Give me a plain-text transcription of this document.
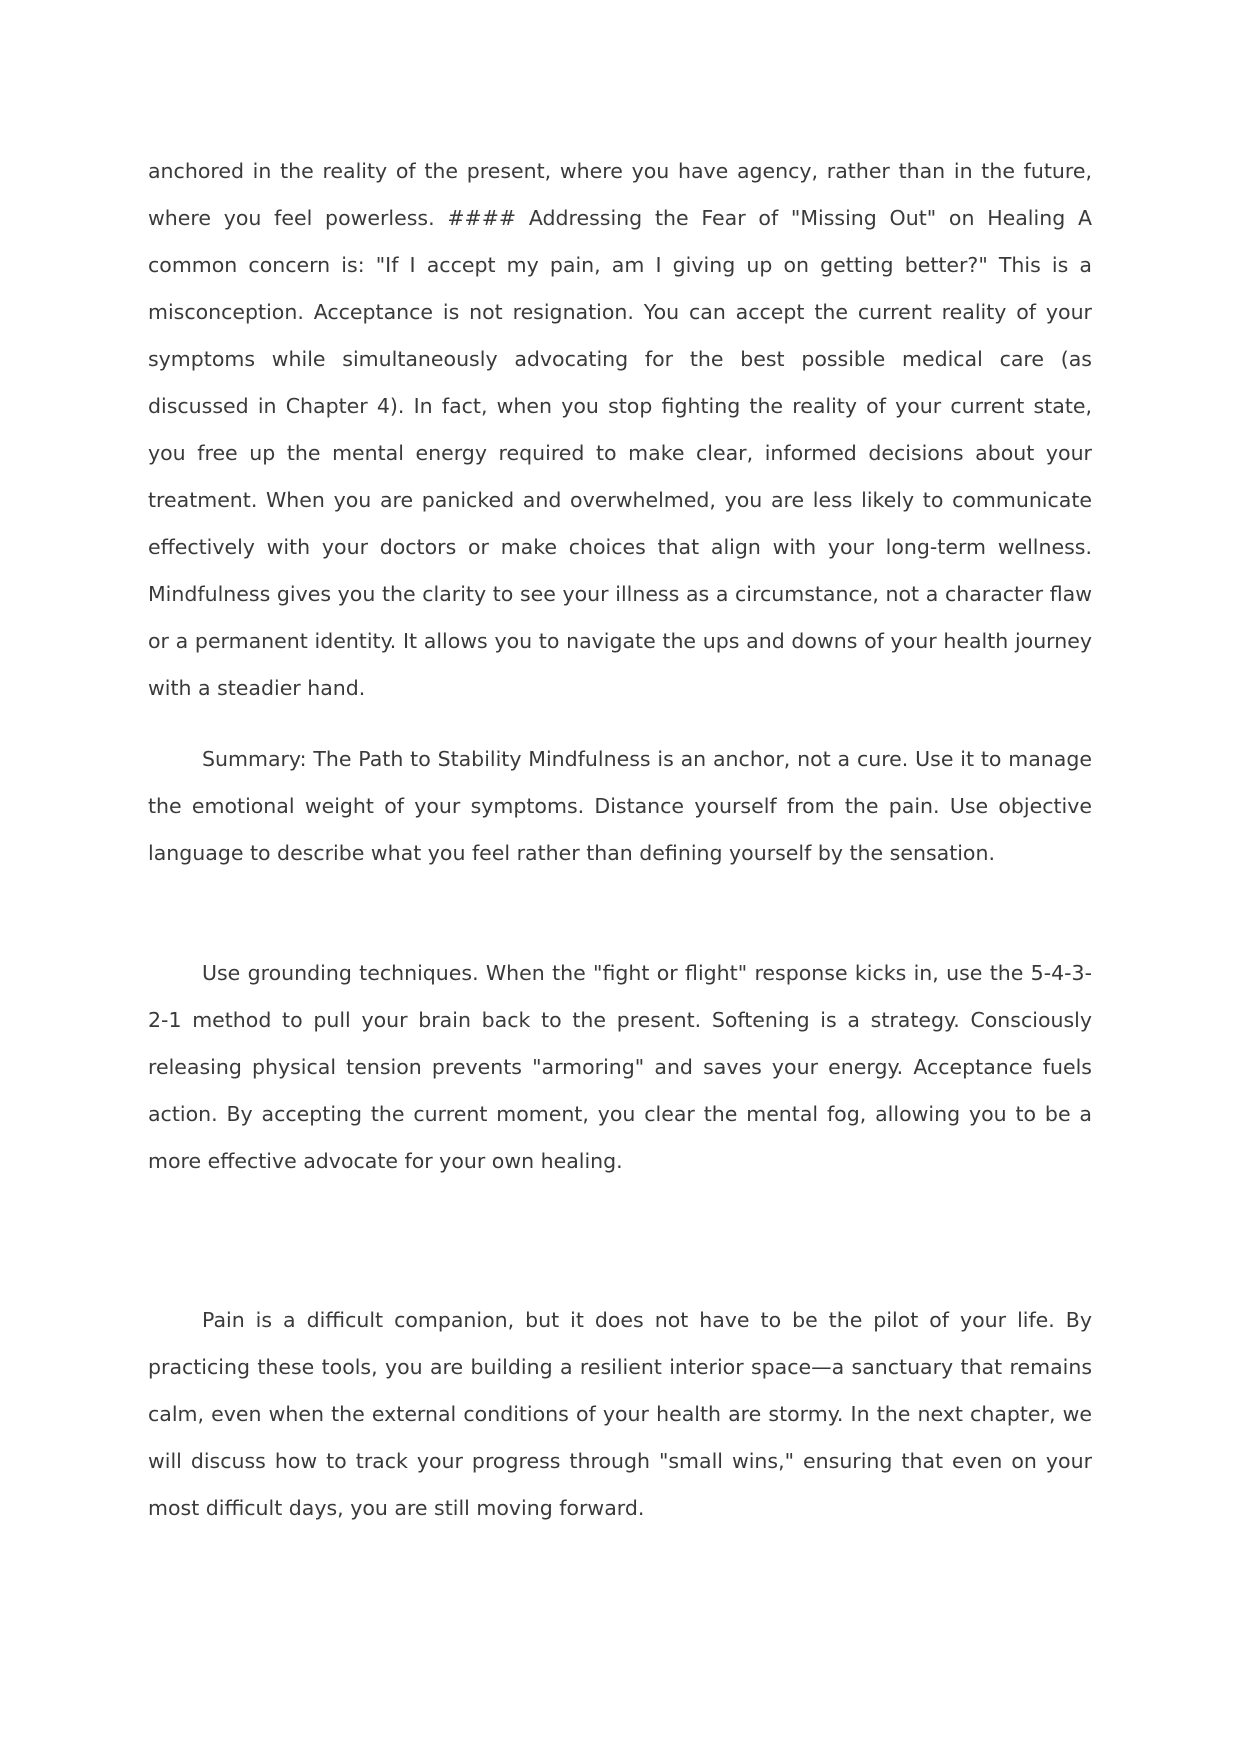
anchored in the reality of the present, where you have agency, rather than in the future, where you feel powerless. #### Addressing the Fear of "Missing Out" on Healing A common concern is: "If I accept my pain, am I giving up on getting better?" This is a misconception. Acceptance is not resignation. You can accept the current reality of your symptoms while simultaneously advocating for the best possible medical care (as discussed in Chapter 4). In fact, when you stop fighting the reality of your current state, you free up the mental energy required to make clear, informed decisions about your treatment. When you are panicked and overwhelmed, you are less likely to communicate effectively with your doctors or make choices that align with your long-term wellness. Mindfulness gives you the clarity to see your illness as a circumstance, not a character flaw or a permanent identity. It allows you to navigate the ups and downs of your health journey with a steadier hand.

Summary: The Path to Stability Mindfulness is an anchor, not a cure. Use it to manage the emotional weight of your symptoms. Distance yourself from the pain. Use objective language to describe what you feel rather than defining yourself by the sensation.

Use grounding techniques. When the "fight or flight" response kicks in, use the 5-4-3-2-1 method to pull your brain back to the present. Softening is a strategy. Consciously releasing physical tension prevents "armoring" and saves your energy. Acceptance fuels action. By accepting the current moment, you clear the mental fog, allowing you to be a more effective advocate for your own healing.

Pain is a difficult companion, but it does not have to be the pilot of your life. By practicing these tools, you are building a resilient interior space—a sanctuary that remains calm, even when the external conditions of your health are stormy. In the next chapter, we will discuss how to track your progress through "small wins," ensuring that even on your most difficult days, you are still moving forward.
